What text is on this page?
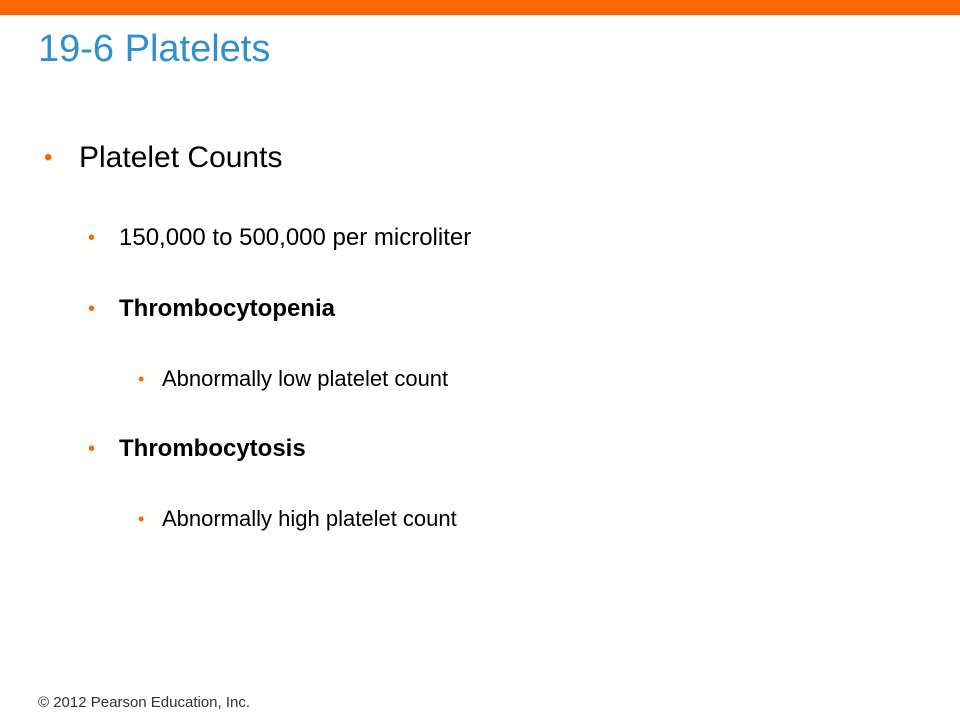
19-6 Platelets
• Platelet Counts
• 150,000 to 500,000 per microliter
• Thrombocytopenia
• Abnormally low platelet count
• Thrombocytosis
• Abnormally high platelet count
© 2012 Pearson Education, Inc.
